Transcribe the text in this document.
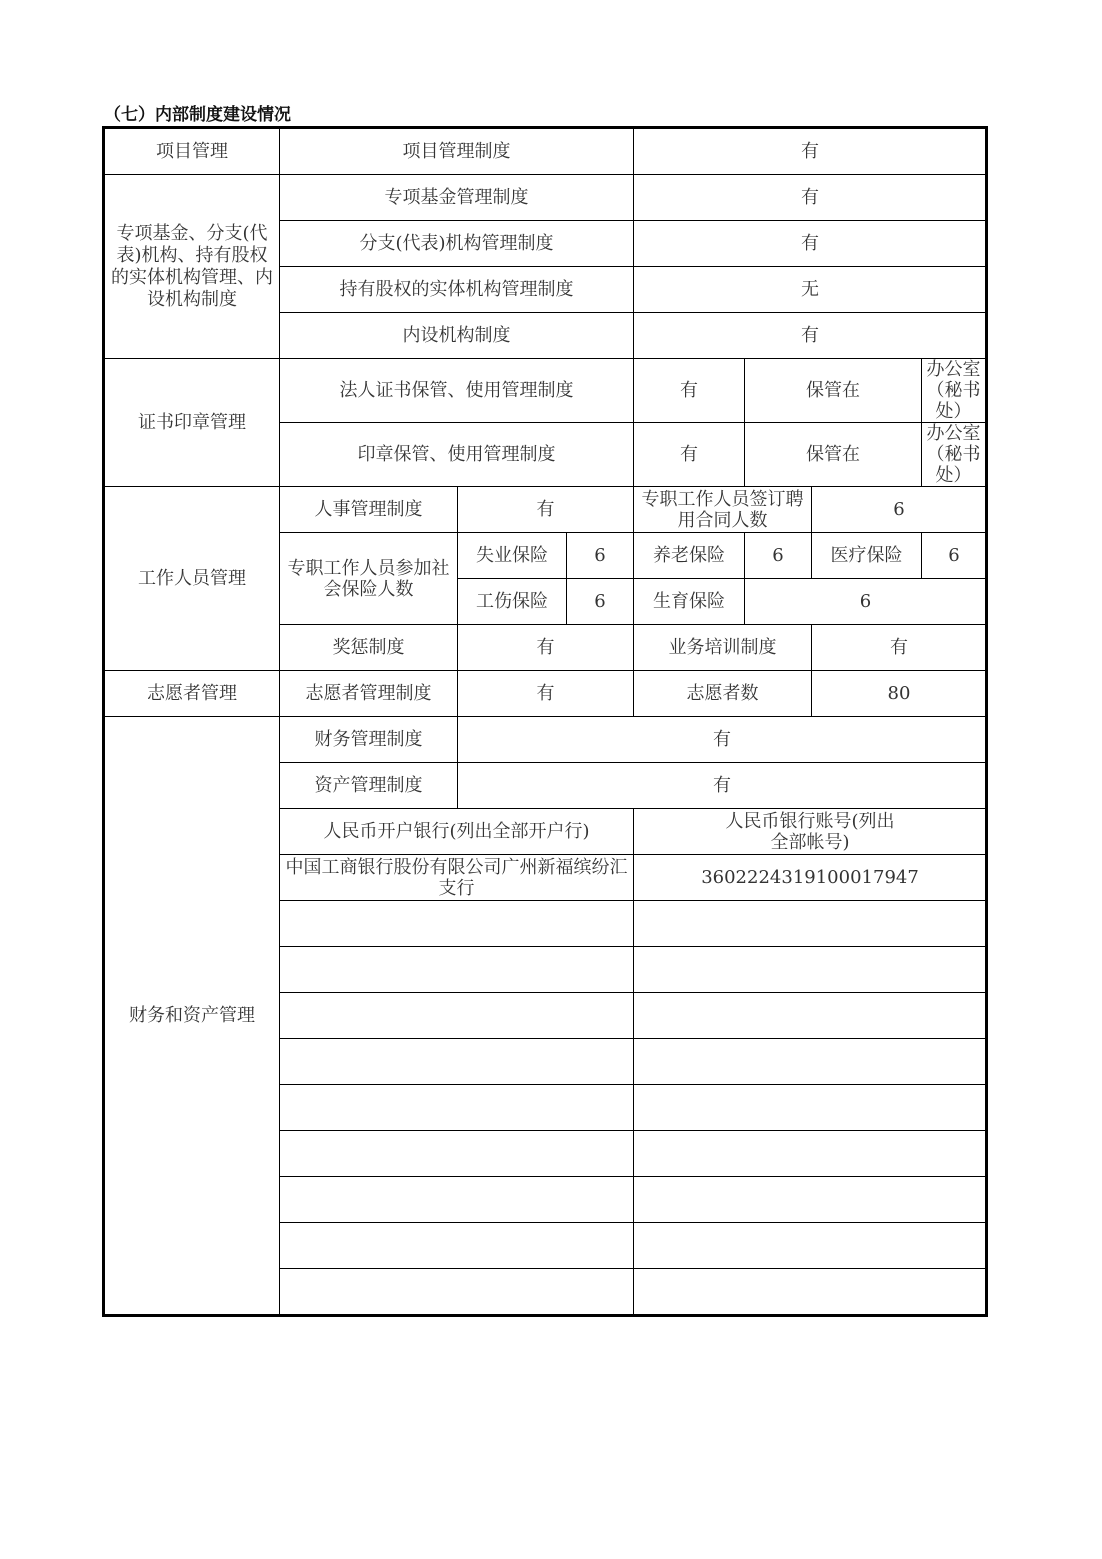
（七）内部制度建设情况
项目管理	项目管理制度			有			
专项基金、分支(代表)机构、持有股权的实体机构管理、内设机构制度	专项基金管理制度			有			
	分支(代表)机构管理制度			有			
	持有股权的实体机构管理制度			无			
	内设机构制度			有			
证书印章管理	法人证书保管、使用管理制度			有	保管在		办公室（秘书处）
	印章保管、使用管理制度			有	保管在		办公室（秘书处）
工作人员管理	人事管理制度	有		专职工作人员签订聘用合同人数		6	
	专职工作人员参加社会保险人数	失业保险	6	养老保险	6	医疗保险	6
		工伤保险	6	生育保险	6		
	奖惩制度	有		业务培训制度		有	
志愿者管理	志愿者管理制度	有		志愿者数		80	
财务和资产管理	财务管理制度	有					
	资产管理制度	有					
	人民币开户银行(列出全部开户行)			人民币银行账号(列出全部帐号)			
	中国工商银行股份有限公司广州新福缤纷汇支行			3602224319100017947			
